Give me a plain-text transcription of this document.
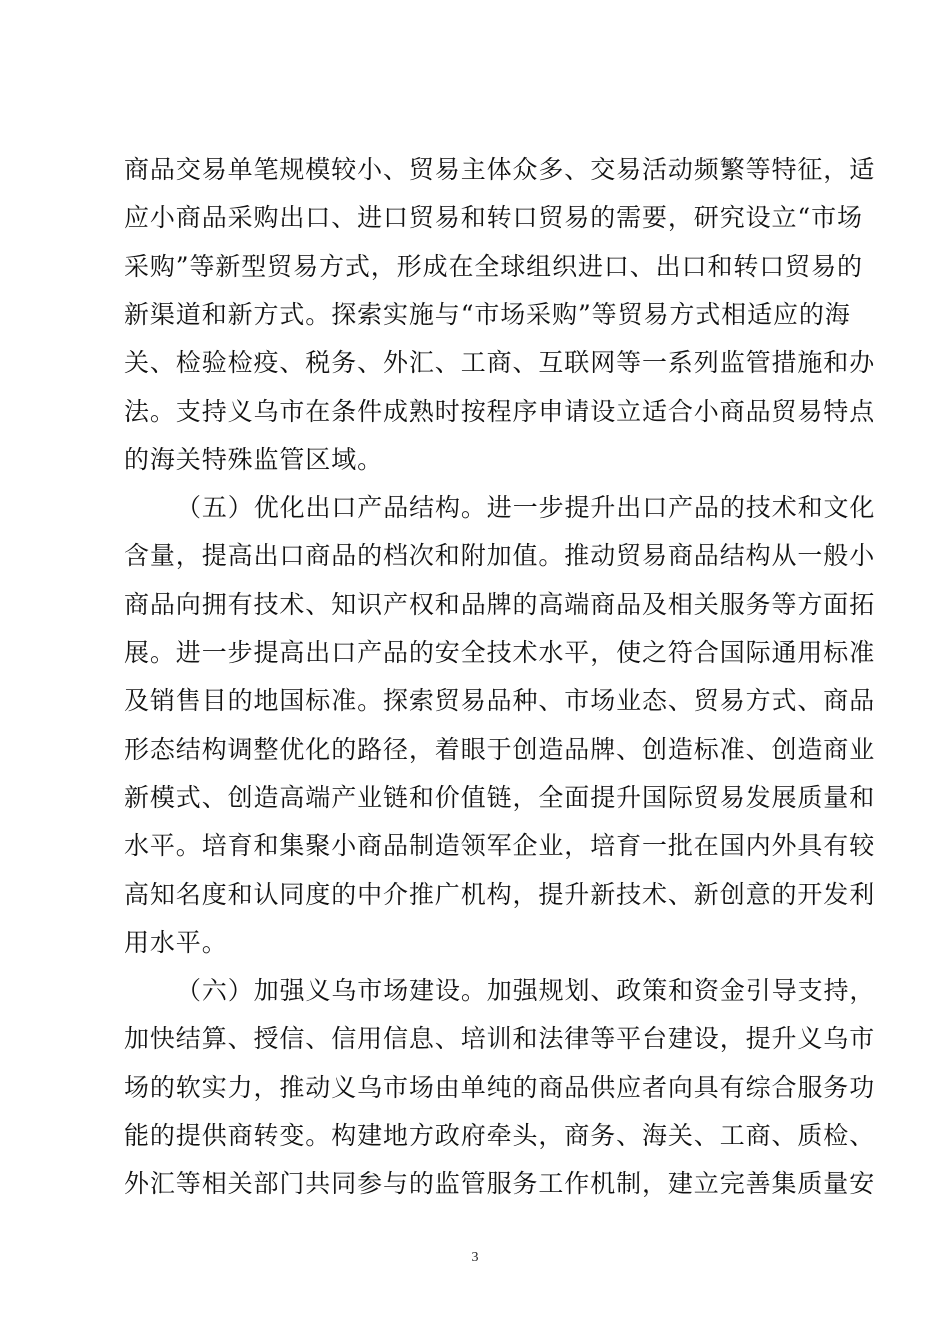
商品交易单笔规模较小、贸易主体众多、交易活动频繁等特征，适
应小商品采购出口、进口贸易和转口贸易的需要，研究设立“市场
采购”等新型贸易方式，形成在全球组织进口、出口和转口贸易的
新渠道和新方式。探索实施与“市场采购”等贸易方式相适应的海
关、检验检疫、税务、外汇、工商、互联网等一系列监管措施和办
法。支持义乌市在条件成熟时按程序申请设立适合小商品贸易特点
的海关特殊监管区域。
（五）优化出口产品结构。进一步提升出口产品的技术和文化
含量，提高出口商品的档次和附加值。推动贸易商品结构从一般小
商品向拥有技术、知识产权和品牌的高端商品及相关服务等方面拓
展。进一步提高出口产品的安全技术水平，使之符合国际通用标准
及销售目的地国标准。探索贸易品种、市场业态、贸易方式、商品
形态结构调整优化的路径，着眼于创造品牌、创造标准、创造商业
新模式、创造高端产业链和价值链，全面提升国际贸易发展质量和
水平。培育和集聚小商品制造领军企业，培育一批在国内外具有较
高知名度和认同度的中介推广机构，提升新技术、新创意的开发利
用水平。
（六）加强义乌市场建设。加强规划、政策和资金引导支持，
加快结算、授信、信用信息、培训和法律等平台建设，提升义乌市
场的软实力，推动义乌市场由单纯的商品供应者向具有综合服务功
能的提供商转变。构建地方政府牵头，商务、海关、工商、质检、
外汇等相关部门共同参与的监管服务工作机制，建立完善集质量安
3
